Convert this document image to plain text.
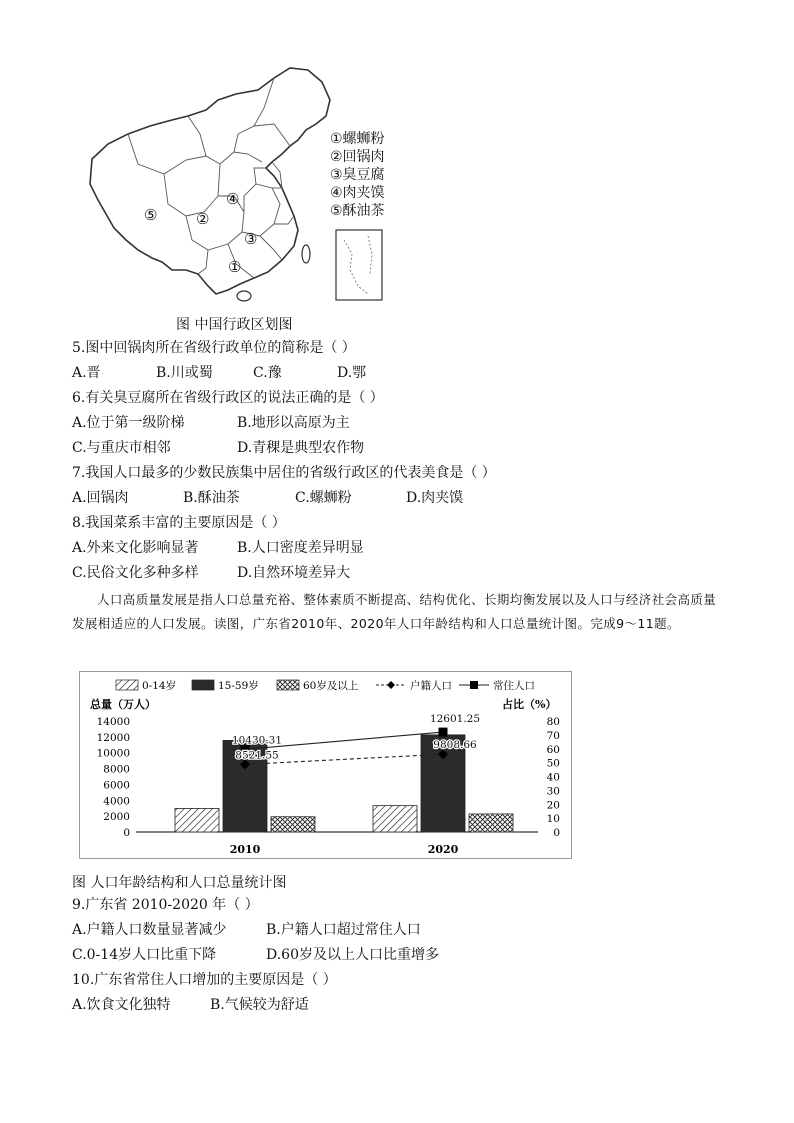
⑤	②
④
③
①
①螺蛳粉
②回锅肉
③臭豆腐
④肉夹馍
⑤酥油茶
图 中国行政区划图
5.图中回锅肉所在省级行政单位的简称是（ ）
A.晋	B.川或蜀	C.豫	D.鄂
6.有关臭豆腐所在省级行政区的说法正确的是（ ）
A.位于第一级阶梯	B.地形以高原为主
C.与重庆市相邻	D.青稞是典型农作物
7.我国人口最多的少数民族集中居住的省级行政区的代表美食是（ ）
A.回锅肉	B.酥油茶	C.螺蛳粉	D.肉夹馍
8.我国菜系丰富的主要原因是（ ）
A.外来文化影响显著	B.人口密度差异明显
C.民俗文化多种多样	D.自然环境差异大
人口高质量发展是指人口总量充裕、整体素质不断提高、结构优化、长期均衡发展以及人口与经济社会高质量发展相适应的人口发展。读图，广东省2010年、2020年人口年龄结构和人口总量统计图。完成9～11题。
0-14岁	15-59岁	60岁及以上	户籍人口	常住人口
总量（万人）	占比（%）
0
2000
4000
6000
8000
10000
12000
14000
0
10
20
30
40
50
60
70
80
2010	2020
10430.31
8521.55
12601.25
9808.66
图 人口年龄结构和人口总量统计图
9.广东省 2010-2020 年（ ）
A.户籍人口数量显著减少	B.户籍人口超过常住人口
C.0-14岁人口比重下降	D.60岁及以上人口比重增多
10.广东省常住人口增加的主要原因是（ ）
A.饮食文化独特	B.气候较为舒适
